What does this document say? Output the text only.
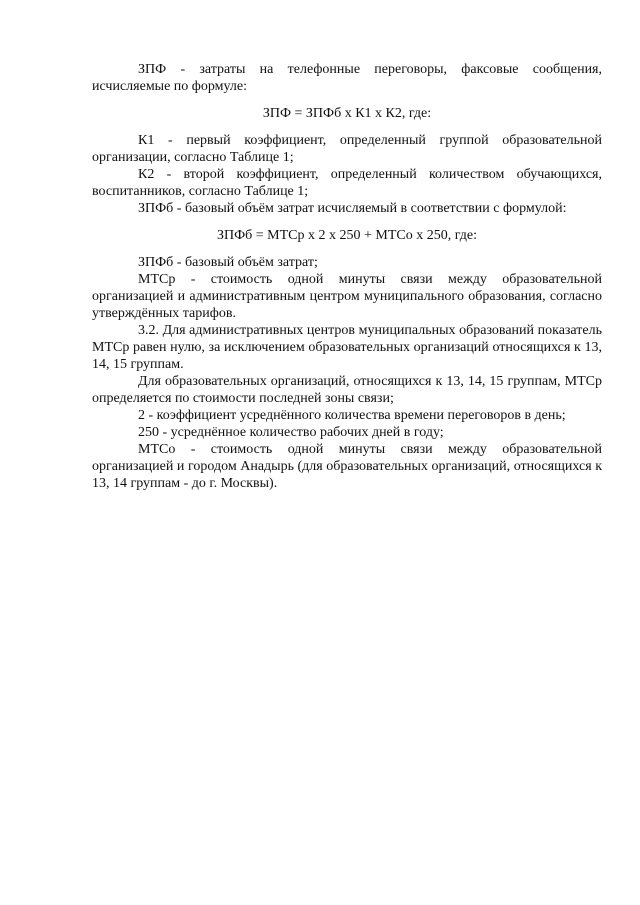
ЗПФ - затраты на телефонные переговоры, факсовые сообщения, исчисляемые по формуле:

ЗПФ = ЗПФб х К1 х К2, где:

К1 - первый коэффициент, определенный группой образовательной организации, согласно Таблице 1;

К2 - второй коэффициент, определенный количеством обучающихся, воспитанников, согласно Таблице 1;

ЗПФб - базовый объём затрат исчисляемый в соответствии с формулой:

ЗПФб = МТСр х 2 х 250 + МТСо х 250, где:

ЗПФб - базовый объём затрат;

МТСр - стоимость одной минуты связи между образовательной организацией и административным центром муниципального образования, согласно утверждённых тарифов.

3.2. Для административных центров муниципальных образований показатель МТСр равен нулю, за исключением образовательных организаций относящихся к 13, 14, 15 группам.

Для образовательных организаций, относящихся к 13, 14, 15 группам, МТСр определяется по стоимости последней зоны связи;

2 - коэффициент усреднённого количества времени переговоров в день;

250 - усреднённое количество рабочих дней в году;

МТСо - стоимость одной минуты связи между образовательной организацией и городом Анадырь (для образовательных организаций, относящихся к 13, 14 группам - до г. Москвы).
